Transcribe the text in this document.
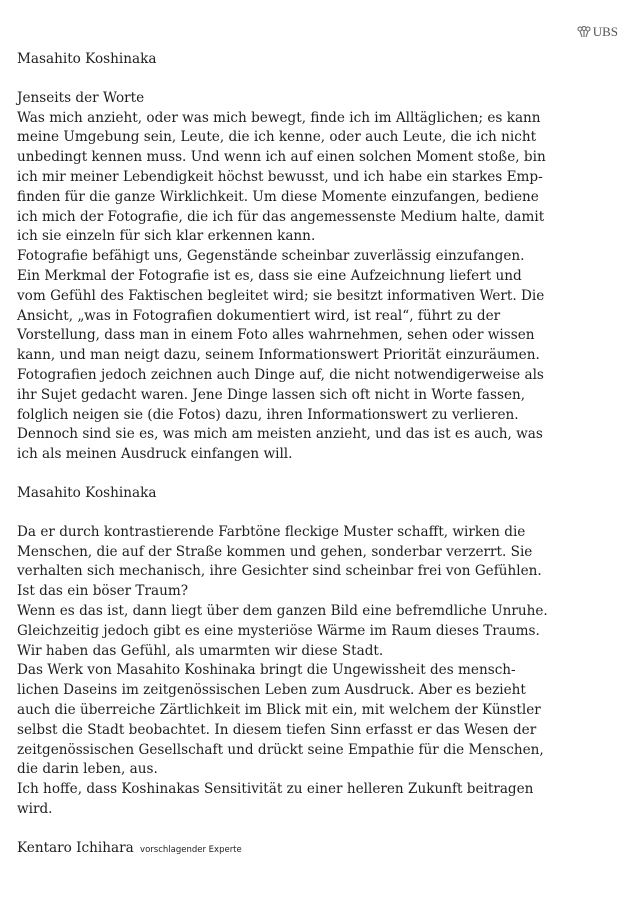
UBS

Masahito Koshinaka

Jenseits der Worte

Was mich anzieht, oder was mich bewegt, finde ich im Alltäglichen; es kann
meine Umgebung sein, Leute, die ich kenne, oder auch Leute, die ich nicht
unbedingt kennen muss. Und wenn ich auf einen solchen Moment stoße, bin
ich mir meiner Lebendigkeit höchst bewusst, und ich habe ein starkes Emp-
finden für die ganze Wirklichkeit. Um diese Momente einzufangen, bediene
ich mich der Fotografie, die ich für das angemessenste Medium halte, damit
ich sie einzeln für sich klar erkennen kann.
Fotografie befähigt uns, Gegenstände scheinbar zuverlässig einzufangen.
Ein Merkmal der Fotografie ist es, dass sie eine Aufzeichnung liefert und
vom Gefühl des Faktischen begleitet wird; sie besitzt informativen Wert. Die
Ansicht, „was in Fotografien dokumentiert wird, ist real“, führt zu der
Vorstellung, dass man in einem Foto alles wahrnehmen, sehen oder wissen
kann, und man neigt dazu, seinem Informationswert Priorität einzuräumen.
Fotografien jedoch zeichnen auch Dinge auf, die nicht notwendigerweise als
ihr Sujet gedacht waren. Jene Dinge lassen sich oft nicht in Worte fassen,
folglich neigen sie (die Fotos) dazu, ihren Informationswert zu verlieren.
Dennoch sind sie es, was mich am meisten anzieht, und das ist es auch, was
ich als meinen Ausdruck einfangen will.

Masahito Koshinaka

Da er durch kontrastierende Farbtöne fleckige Muster schafft, wirken die
Menschen, die auf der Straße kommen und gehen, sonderbar verzerrt. Sie
verhalten sich mechanisch, ihre Gesichter sind scheinbar frei von Gefühlen.
Ist das ein böser Traum?
Wenn es das ist, dann liegt über dem ganzen Bild eine befremdliche Unruhe.
Gleichzeitig jedoch gibt es eine mysteriöse Wärme im Raum dieses Traums.
Wir haben das Gefühl, als umarmten wir diese Stadt.
Das Werk von Masahito Koshinaka bringt die Ungewissheit des mensch-
lichen Daseins im zeitgenössischen Leben zum Ausdruck. Aber es bezieht
auch die überreiche Zärtlichkeit im Blick mit ein, mit welchem der Künstler
selbst die Stadt beobachtet. In diesem tiefen Sinn erfasst er das Wesen der
zeitgenössischen Gesellschaft und drückt seine Empathie für die Menschen,
die darin leben, aus.
Ich hoffe, dass Koshinakas Sensitivität zu einer helleren Zukunft beitragen
wird.
Kentaro Ichihara vorschlagender Experte
